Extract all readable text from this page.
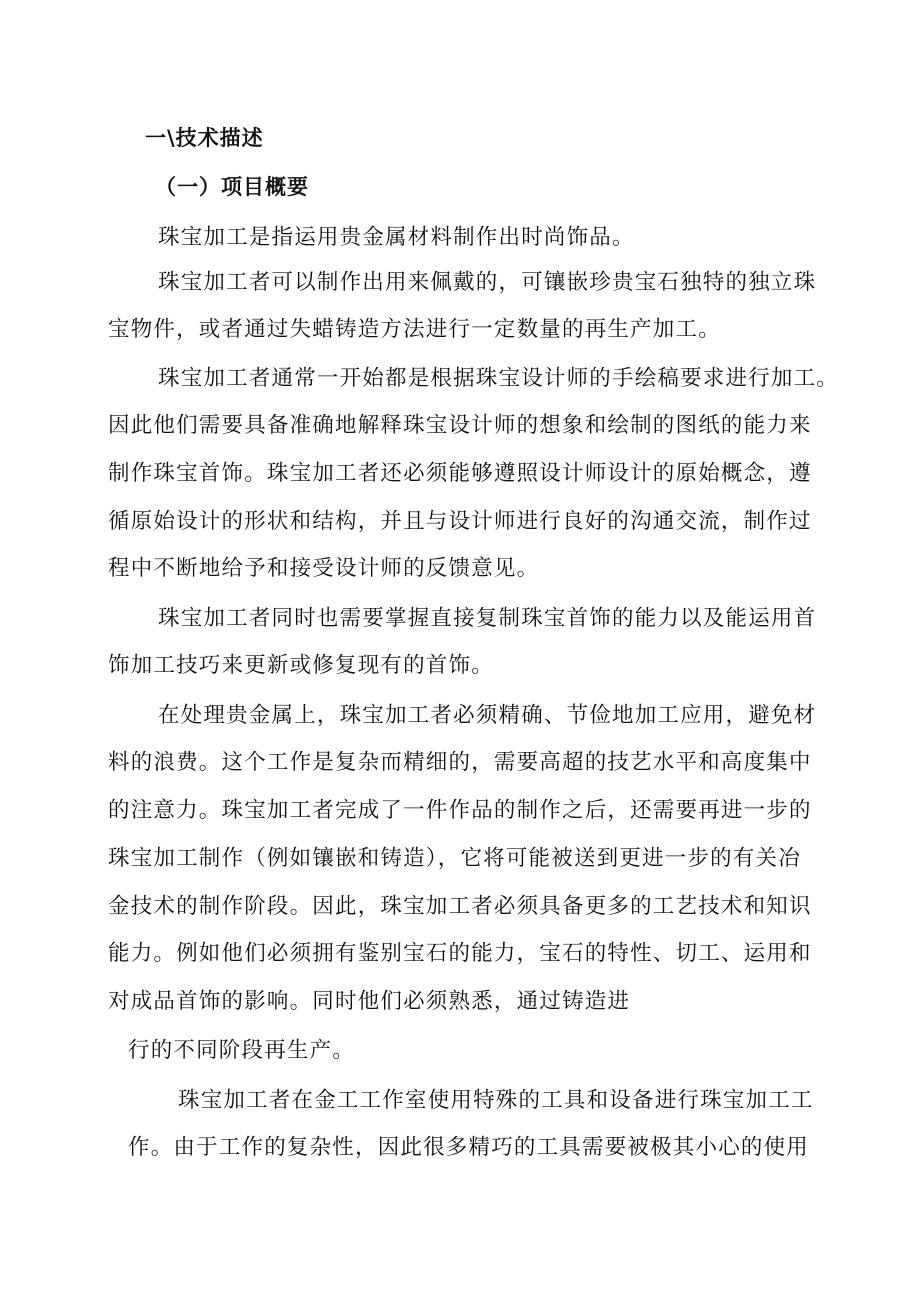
一\技术描述
（一）项目概要
珠宝加工是指运用贵金属材料制作出时尚饰品。
珠宝加工者可以制作出用来佩戴的，可镶嵌珍贵宝石独特的独立珠
宝物件，或者通过失蜡铸造方法进行一定数量的再生产加工。
珠宝加工者通常一开始都是根据珠宝设计师的手绘稿要求进行加工。
因此他们需要具备准确地解释珠宝设计师的想象和绘制的图纸的能力来
制作珠宝首饰。珠宝加工者还必须能够遵照设计师设计的原始概念，遵
循原始设计的形状和结构，并且与设计师进行良好的沟通交流，制作过
程中不断地给予和接受设计师的反馈意见。
珠宝加工者同时也需要掌握直接复制珠宝首饰的能力以及能运用首
饰加工技巧来更新或修复现有的首饰。
在处理贵金属上，珠宝加工者必须精确、节俭地加工应用，避免材
料的浪费。这个工作是复杂而精细的，需要高超的技艺水平和高度集中
的注意力。珠宝加工者完成了一件作品的制作之后，还需要再进一步的
珠宝加工制作（例如镶嵌和铸造），它将可能被送到更进一步的有关冶
金技术的制作阶段。因此，珠宝加工者必须具备更多的工艺技术和知识
能力。例如他们必须拥有鉴别宝石的能力，宝石的特性、切工、运用和
对成品首饰的影响。同时他们必须熟悉，通过铸造进
行的不同阶段再生产。
珠宝加工者在金工工作室使用特殊的工具和设备进行珠宝加工工
作。由于工作的复杂性，因此很多精巧的工具需要被极其小心的使用
